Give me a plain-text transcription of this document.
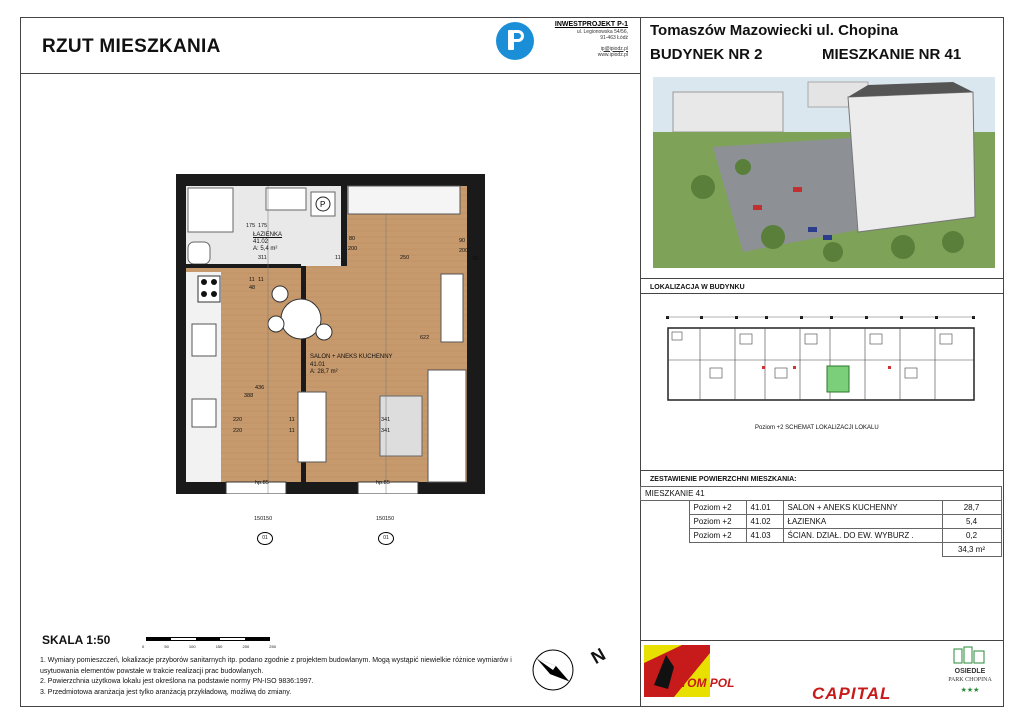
RZUT MIESZKANIA
INWESTPROJEKT P-1
ul. Legionowska 54/56,
91-463 Łódź
ip@ipiodz.pl
www.ipiodz.pl
Tomaszów Mazowiecki ul. Chopina
BUDYNEK NR 2	MIESZKANIE NR 41
LOKALIZACJA W BUDYNKU
Poziom +2 SCHEMAT LOKALIZACJI LOKALU
ZESTAWIENIE POWIERZCHNI MIESZKANIA:
MIESZKANIE 41				
	Poziom +2	41.01	SALON + ANEKS KUCHENNY	28,7
	Poziom +2	41.02	ŁAZIENKA	5,4
	Poziom +2	41.03	ŚCIAN. DZIAŁ. DO EW. WYBURZ .	0,2
				34,3 m²
P
ŁAZIENKA
41.02
A: 5,4 m²
SALON + ANEKS KUCHENNY
41.01
A: 28,7 m²
175 175
311
80
200
11	250
90
200
28
622
388
436
220
220
11
11
341
341
48
11 11
hp.85	hp.85
150 150	150 150
01	01
SKALA 1:50	0	50	100	150	200	250
1. Wymiary pomieszczeń, lokalizacje przyborów sanitarnych itp. podano zgodnie z projektem budowlanym. Mogą wystąpić niewielkie różnice wymiarów i usytuowania elementów powstałe w trakcie realizacji prac budowlanych.
2. Powierzchnia użytkowa lokalu jest określona na podstawie normy PN-ISO 9836:1997.
3. Przedmiotowa aranżacja jest tylko aranżacją przykładową, możliwą do zmiany.
N
TOM POL
CAPITAL
OSIEDLE
PARK CHOPINA
★★★
